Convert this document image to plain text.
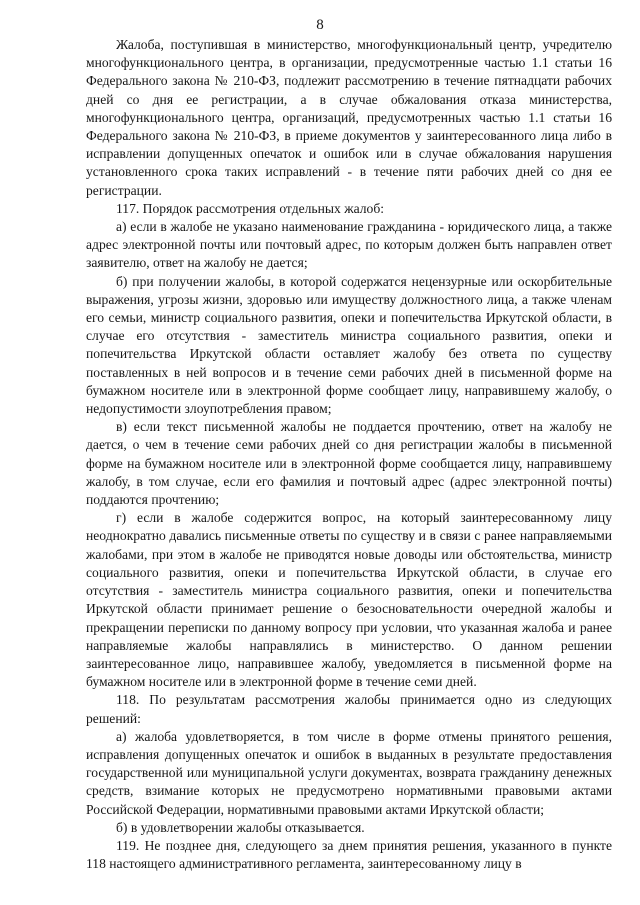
8

Жалоба, поступившая в министерство, многофункциональный центр, учредителю многофункционального центра, в организации, предусмотренные частью 1.1 статьи 16 Федерального закона № 210-ФЗ, подлежит рассмотрению в течение пятнадцати рабочих дней со дня ее регистрации, а в случае обжалования отказа министерства, многофункционального центра, организаций, предусмотренных частью 1.1 статьи 16 Федерального закона № 210-ФЗ, в приеме документов у заинтересованного лица либо в исправлении допущенных опечаток и ошибок или в случае обжалования нарушения установленного срока таких исправлений - в течение пяти рабочих дней со дня ее регистрации.

117. Порядок рассмотрения отдельных жалоб:

а) если в жалобе не указано наименование гражданина - юридического лица, а также адрес электронной почты или почтовый адрес, по которым должен быть направлен ответ заявителю, ответ на жалобу не дается;

б) при получении жалобы, в которой содержатся нецензурные или оскорбительные выражения, угрозы жизни, здоровью или имуществу должностного лица, а также членам его семьи, министр социального развития, опеки и попечительства Иркутской области, в случае его отсутствия - заместитель министра социального развития, опеки и попечительства Иркутской области оставляет жалобу без ответа по существу поставленных в ней вопросов и в течение семи рабочих дней в письменной форме на бумажном носителе или в электронной форме сообщает лицу, направившему жалобу, о недопустимости злоупотребления правом;

в) если текст письменной жалобы не поддается прочтению, ответ на жалобу не дается, о чем в течение семи рабочих дней со дня регистрации жалобы в письменной форме на бумажном носителе или в электронной форме сообщается лицу, направившему жалобу, в том случае, если его фамилия и почтовый адрес (адрес электронной почты) поддаются прочтению;

г) если в жалобе содержится вопрос, на который заинтересованному лицу неоднократно давались письменные ответы по существу и в связи с ранее направляемыми жалобами, при этом в жалобе не приводятся новые доводы или обстоятельства, министр социального развития, опеки и попечительства Иркутской области, в случае его отсутствия - заместитель министра социального развития, опеки и попечительства Иркутской области принимает решение о безосновательности очередной жалобы и прекращении переписки по данному вопросу при условии, что указанная жалоба и ранее направляемые жалобы направлялись в министерство. О данном решении заинтересованное лицо, направившее жалобу, уведомляется в письменной форме на бумажном носителе или в электронной форме в течение семи дней.

118. По результатам рассмотрения жалобы принимается одно из следующих решений:

а) жалоба удовлетворяется, в том числе в форме отмены принятого решения, исправления допущенных опечаток и ошибок в выданных в результате предоставления государственной или муниципальной услуги документах, возврата гражданину денежных средств, взимание которых не предусмотрено нормативными правовыми актами Российской Федерации, нормативными правовыми актами Иркутской области;

б) в удовлетворении жалобы отказывается.

119. Не позднее дня, следующего за днем принятия решения, указанного в пункте 118 настоящего административного регламента, заинтересованному лицу в
